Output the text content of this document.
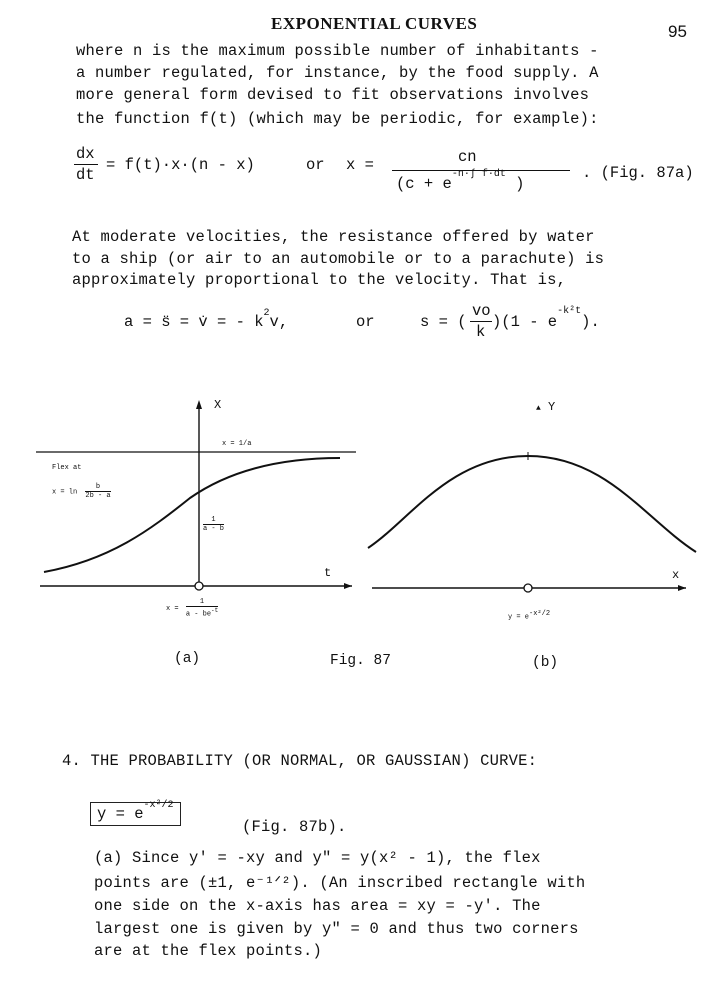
EXPONENTIAL CURVES	95
where n is the maximum possible number of inhabitants -
a number regulated, for instance, by the food supply. A
more general form devised to fit observations involves
the function f(t) (which may be periodic, for example):
dx
dt
= f(t)·x·(n - x)	or x =	cn
($c + e^{-n\cdot\int f\cdot dt}$ )
. (Fig. 87a)
At moderate velocities, the resistance offered by water
to a ship (or air to an automobile or to a parachute) is
approximately proportional to the velocity. That is,
a = s̈ = v̇ = - $k^2v$,	or	s = (
vo
k
)$(1 - e^{-k^2t})$.
X
t
x = 1/a
Flex at
$x = \ln \frac{b}{2b - a}$
1
a - b
$x = \frac{1}{a - be^{-t}}$
▲ Y
x
$y = e^{-x^2/2}$
(a)	Fig. 87	(b)
4. THE PROBABILITY (OR NORMAL, OR GAUSSIAN) CURVE:
$y = e^{-x^2/2}$
(Fig. 87b).
(a) Since y' = -xy and y" = y(x² - 1), the flex
points are (±1, e⁻¹ᐟ²). (An inscribed rectangle with
one side on the x-axis has area = xy = -y'. The
largest one is given by y" = 0 and thus two corners
are at the flex points.)
